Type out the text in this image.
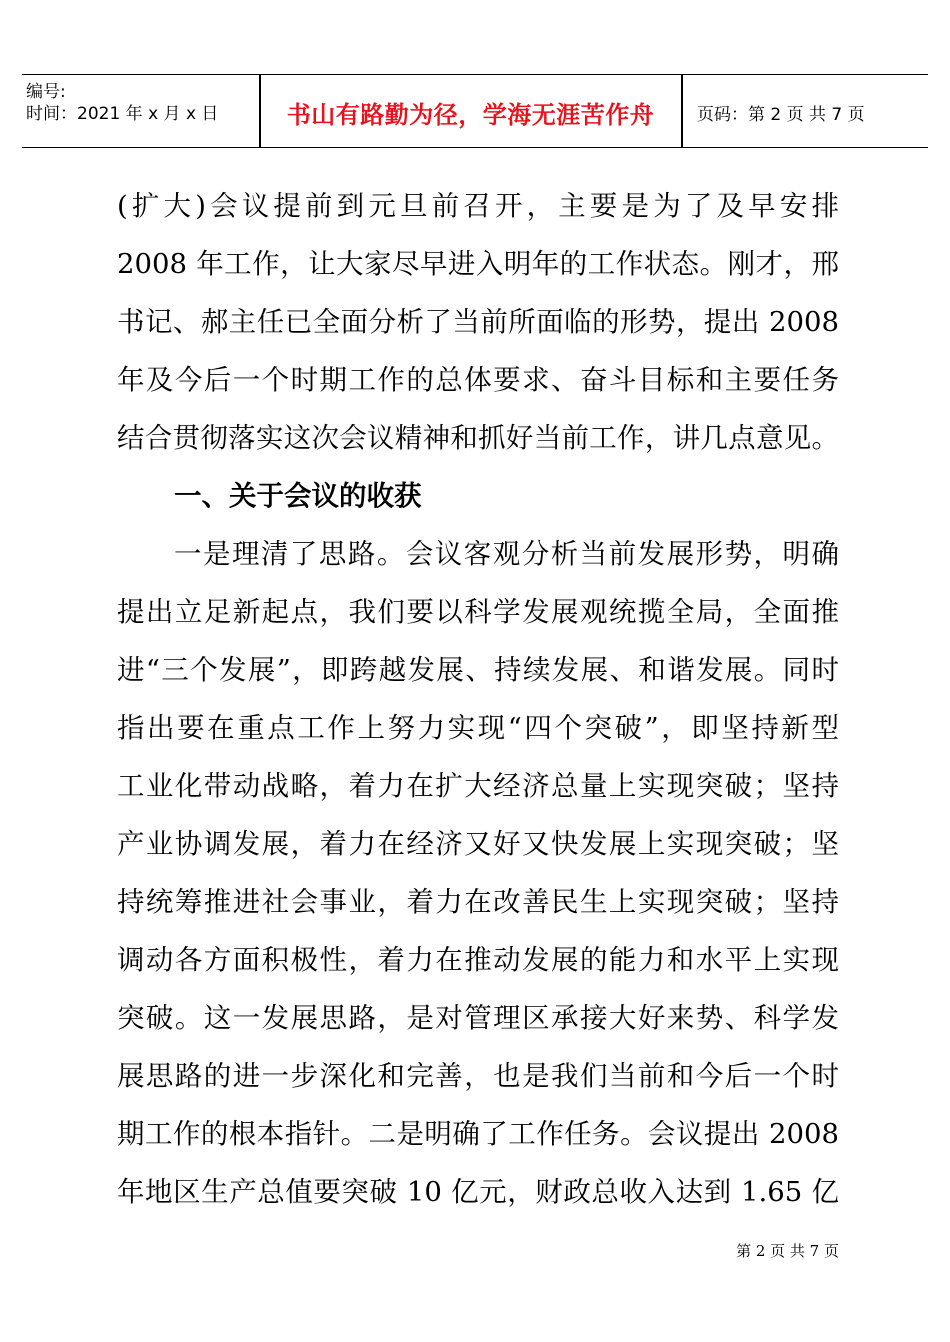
编号:
时间：2021 年 x 月 x 日	书山有路勤为径，学海无涯苦作舟	页码：第 2 页 共 7 页
(扩大)会议提前到元旦前召开，主要是为了及早安排
2008 年工作，让大家尽早进入明年的工作状态。刚才，邢
书记、郝主任已全面分析了当前所面临的形势，提出 2008
年及今后一个时期工作的总体要求、奋斗目标和主要任务
结合贯彻落实这次会议精神和抓好当前工作，讲几点意见。
一、关于会议的收获
一是理清了思路。会议客观分析当前发展形势，明确
提出立足新起点，我们要以科学发展观统揽全局，全面推
进“三个发展”，即跨越发展、持续发展、和谐发展。同时
指出要在重点工作上努力实现“四个突破”，即坚持新型
工业化带动战略，着力在扩大经济总量上实现突破；坚持
产业协调发展，着力在经济又好又快发展上实现突破；坚
持统筹推进社会事业，着力在改善民生上实现突破；坚持
调动各方面积极性，着力在推动发展的能力和水平上实现
突破。这一发展思路，是对管理区承接大好来势、科学发
展思路的进一步深化和完善，也是我们当前和今后一个时
期工作的根本指针。二是明确了工作任务。会议提出 2008
年地区生产总值要突破 10 亿元，财政总收入达到 1.65 亿
第 2 页 共 7 页
